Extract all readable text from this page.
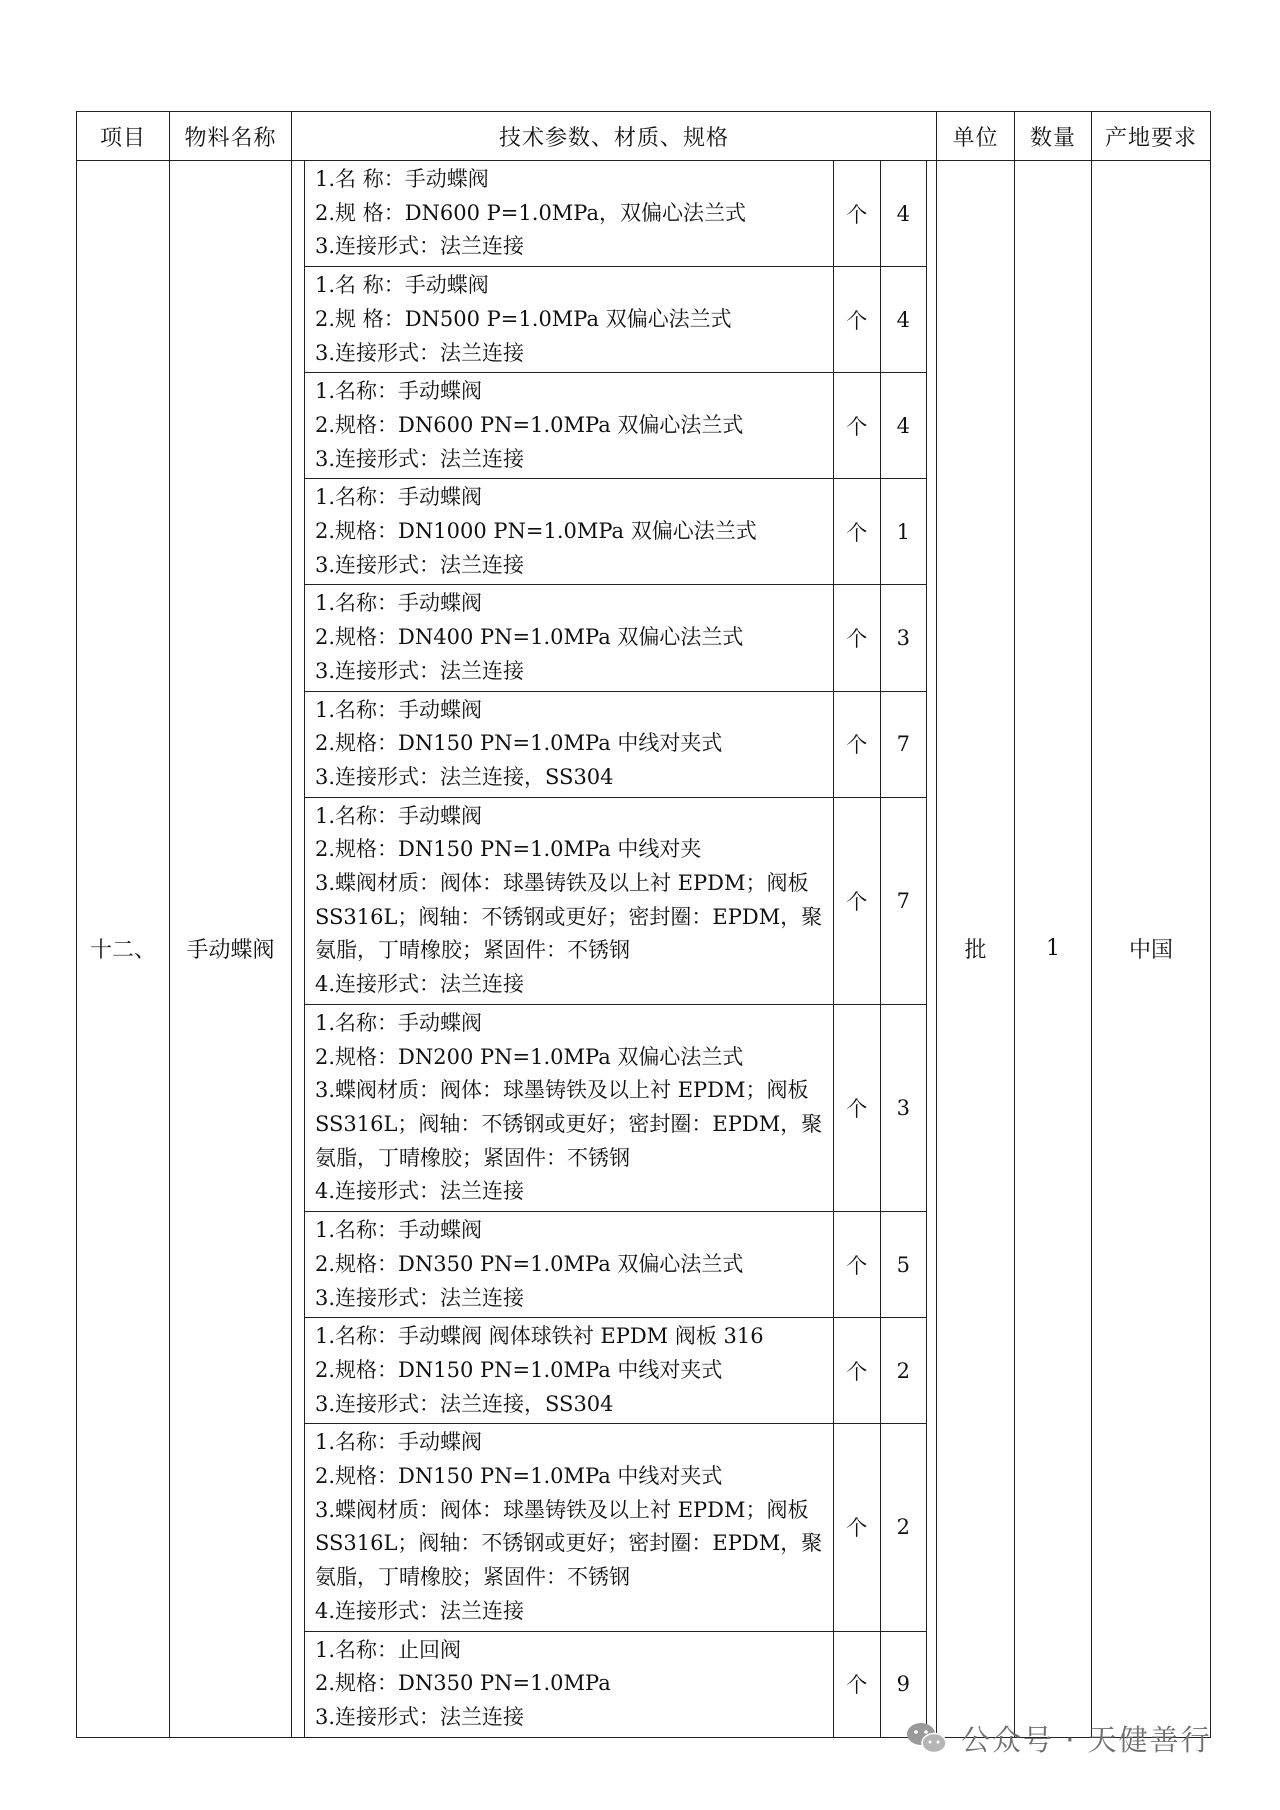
项目	物料名称	技术参数、材质、规格	单位	数量	产地要求
十二、	手动蝶阀	
1.名 称：手动蝶阀
2.规 格：DN600 P=1.0MPa，双偏心法兰式
3.连接形式：法兰连接
	个	4

1.名 称：手动蝶阀
2.规 格：DN500 P=1.0MPa 双偏心法兰式
3.连接形式：法兰连接
	个	4

1.名称：手动蝶阀
2.规格：DN600 PN=1.0MPa 双偏心法兰式
3.连接形式：法兰连接
	个	4

1.名称：手动蝶阀
2.规格：DN1000 PN=1.0MPa 双偏心法兰式
3.连接形式：法兰连接
	个	1

1.名称：手动蝶阀
2.规格：DN400 PN=1.0MPa 双偏心法兰式
3.连接形式：法兰连接
	个	3

1.名称：手动蝶阀
2.规格：DN150 PN=1.0MPa 中线对夹式
3.连接形式：法兰连接，SS304
	个	7

1.名称：手动蝶阀
2.规格：DN150 PN=1.0MPa 中线对夹
3.蝶阀材质：阀体：球墨铸铁及以上衬 EPDM；阀板
SS316L；阀轴：不锈钢或更好；密封圈：EPDM，聚
氨脂，丁晴橡胶；紧固件：不锈钢
4.连接形式：法兰连接
	个	7

1.名称：手动蝶阀
2.规格：DN200 PN=1.0MPa 双偏心法兰式
3.蝶阀材质：阀体：球墨铸铁及以上衬 EPDM；阀板
SS316L；阀轴：不锈钢或更好；密封圈：EPDM，聚
氨脂，丁晴橡胶；紧固件：不锈钢
4.连接形式：法兰连接
	个	3

1.名称：手动蝶阀
2.规格：DN350 PN=1.0MPa 双偏心法兰式
3.连接形式：法兰连接
	个	5

1.名称：手动蝶阀 阀体球铁衬 EPDM 阀板 316
2.规格：DN150 PN=1.0MPa 中线对夹式
3.连接形式：法兰连接，SS304
	个	2

1.名称：手动蝶阀
2.规格：DN150 PN=1.0MPa 中线对夹式
3.蝶阀材质：阀体：球墨铸铁及以上衬 EPDM；阀板
SS316L；阀轴：不锈钢或更好；密封圈：EPDM，聚
氨脂，丁晴橡胶；紧固件：不锈钢
4.连接形式：法兰连接
	个	2

1.名称：止回阀
2.规格：DN350 PN=1.0MPa
3.连接形式：法兰连接
	个	9
	批	1	中国
公众号 · 天健善行
